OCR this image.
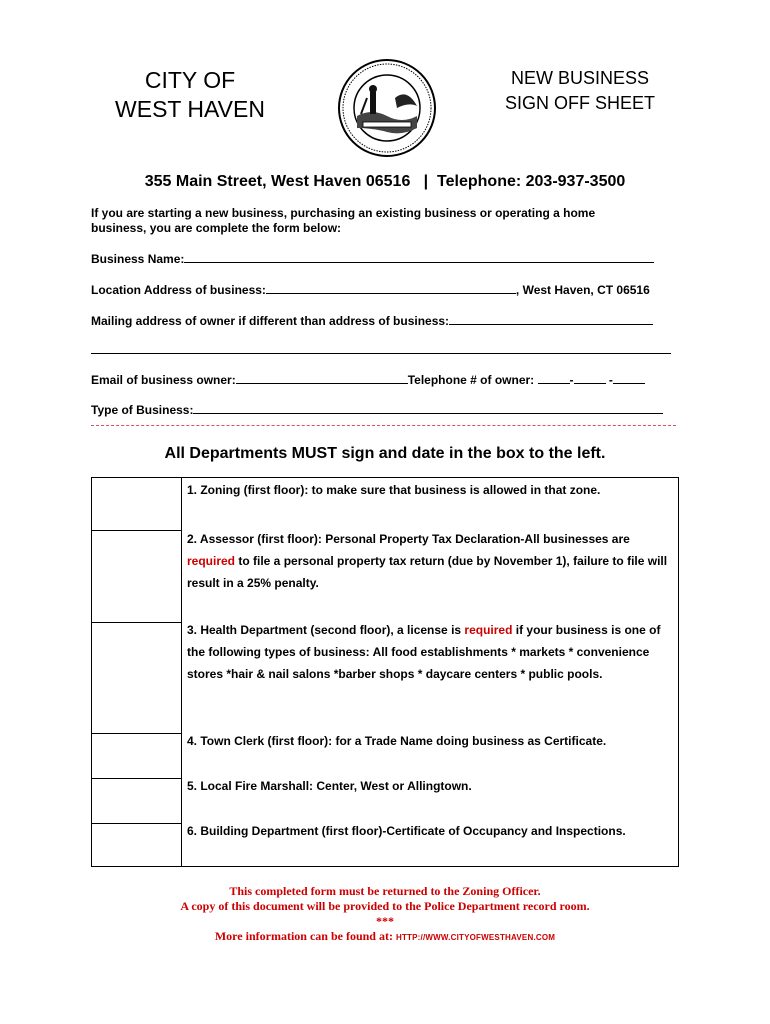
CITY OF
WEST HAVEN
NEW BUSINESS
SIGN OFF SHEET
355 Main Street, West Haven 06516   |  Telephone: 203-937-3500
If you are starting a new business, purchasing an existing business or operating a home business, you are complete the form below:
Business Name:
Location Address of business:	, West Haven, CT 06516
Mailing address of owner if different than address of business:
Email of business owner:	Telephone # of owner:	-	-
Type of Business:
All Departments MUST sign and date in the box to the left.
1. Zoning (first floor): to make sure that business is allowed in that zone.
2. Assessor (first floor): Personal Property Tax Declaration-All businesses are required to file a personal property tax return (due by November 1), failure to file will result in a 25% penalty.
3. Health Department (second floor), a license is required if your business is one of the following types of business: All food establishments * markets * convenience stores *hair & nail salons *barber shops * daycare centers * public pools.
4. Town Clerk (first floor): for a Trade Name doing business as Certificate.
5. Local Fire Marshall: Center, West or Allingtown.
6. Building Department (first floor)-Certificate of Occupancy and Inspections.
This completed form must be returned to the Zoning Officer.
A copy of this document will be provided to the Police Department record room.
***
More information can be found at: HTTP://WWW.CITYOFWESTHAVEN.COM
